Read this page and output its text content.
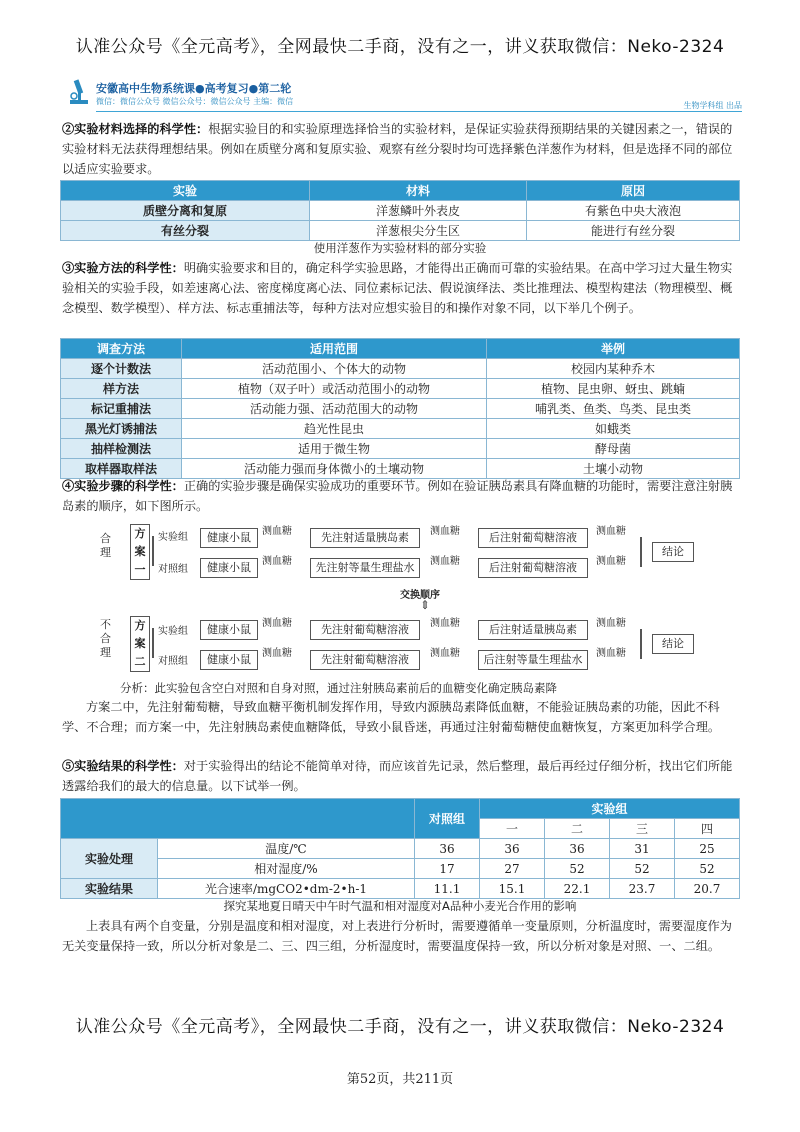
认准公众号《全元高考》，全网最快二手商，没有之一，讲义获取微信：Neko-2324
安徽高中生物系统课●高考复习●第二轮
微信：微信公众号 微信公众号：微信公众号 主编：微信	生物学科组 出品
②实验材料选择的科学性：根据实验目的和实验原理选择恰当的实验材料，是保证实验获得预期结果的关键因素之一，错误的实验材料无法获得理想结果。例如在质壁分离和复原实验、观察有丝分裂时均可选择紫色洋葱作为材料，但是选择不同的部位以适应实验要求。
实验	材料	原因
质壁分离和复原	洋葱鳞叶外表皮	有紫色中央大液泡
有丝分裂	洋葱根尖分生区	能进行有丝分裂
使用洋葱作为实验材料的部分实验
③实验方法的科学性：明确实验要求和目的，确定科学实验思路，才能得出正确而可靠的实验结果。在高中学习过大量生物实验相关的实验手段，如差速离心法、密度梯度离心法、同位素标记法、假说演绎法、类比推理法、模型构建法（物理模型、概念模型、数学模型）、样方法、标志重捕法等，每种方法对应想实验目的和操作对象不同，以下举几个例子。
调查方法	适用范围	举例
逐个计数法	活动范围小、个体大的动物	校园内某种乔木
样方法	植物（双子叶）或活动范围小的动物	植物、昆虫卵、蚜虫、跳蝻
标记重捕法	活动能力强、活动范围大的动物	哺乳类、鱼类、鸟类、昆虫类
黑光灯诱捕法	趋光性昆虫	如蛾类
抽样检测法	适用于微生物	酵母菌
取样器取样法	活动能力强而身体微小的土壤动物	土壤小动物
④实验步骤的科学性：正确的实验步骤是确保实验成功的重要环节。例如在验证胰岛素具有降血糖的功能时，需要注意注射胰岛素的顺序，如下图所示。
合理
方案一
实验组
对照组
健康小鼠
健康小鼠
测血糖
测血糖
先注射适量胰岛素
先注射等量生理盐水
测血糖
测血糖
后注射葡萄糖溶液
后注射葡萄糖溶液
测血糖
测血糖
结论
交换顺序
⇕
不合理
方案二
实验组
对照组
健康小鼠
健康小鼠
测血糖
测血糖
先注射葡萄糖溶液
先注射葡萄糖溶液
测血糖
测血糖
后注射适量胰岛素
后注射等量生理盐水
测血糖
测血糖
结论
分析：此实验包含空白对照和自身对照，通过注射胰岛素前后的血糖变化确定胰岛素降
方案二中，先注射葡萄糖，导致血糖平衡机制发挥作用，导致内源胰岛素降低血糖，不能验证胰岛素的功能，因此不科学、不合理；而方案一中，先注射胰岛素使血糖降低，导致小鼠昏迷，再通过注射葡萄糖使血糖恢复，方案更加科学合理。
⑤实验结果的科学性：对于实验得出的结论不能简单对待，而应该首先记录，然后整理，最后再经过仔细分析，找出它们所能透露给我们的最大的信息量。以下试举一例。
		对照组	实验组			
			一	二	三	四
实验处理	温度/℃	36	36	36	31	25
	相对湿度/%	17	27	52	52	52
实验结果	光合速率/mgCO2•dm-2•h-1	11.1	15.1	22.1	23.7	20.7
探究某地夏日晴天中午时气温和相对湿度对A品种小麦光合作用的影响
上表具有两个自变量，分别是温度和相对湿度，对上表进行分析时，需要遵循单一变量原则，分析温度时，需要湿度作为无关变量保持一致，所以分析对象是二、三、四三组，分析湿度时，需要温度保持一致，所以分析对象是对照、一、二组。
认准公众号《全元高考》，全网最快二手商，没有之一，讲义获取微信：Neko-2324
第52页，共211页
